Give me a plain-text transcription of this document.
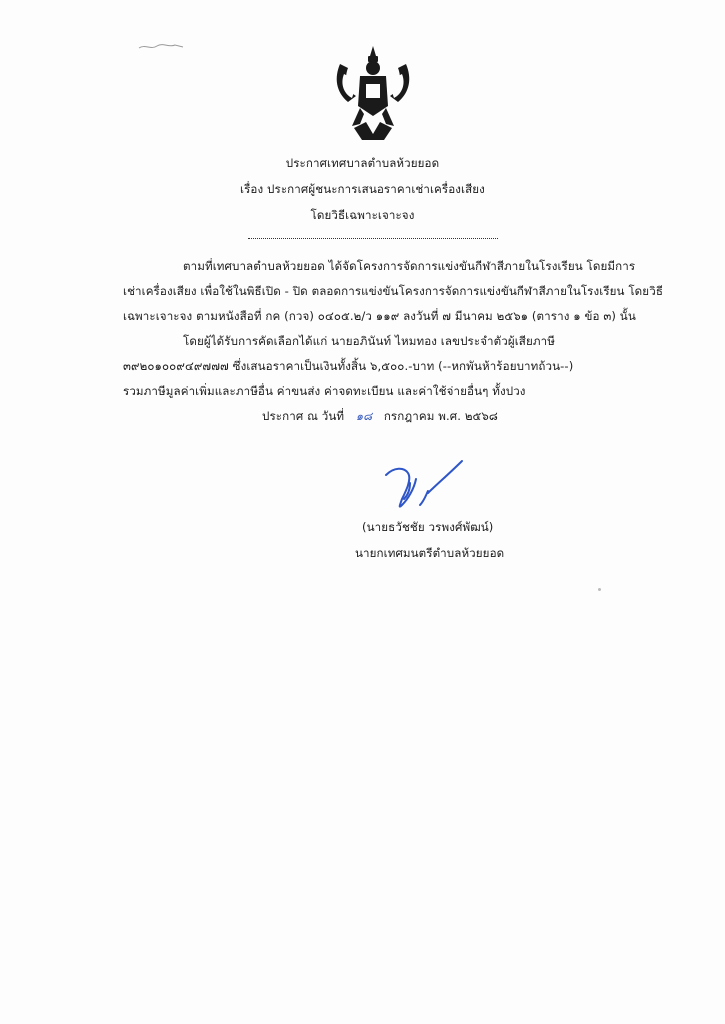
ประกาศเทศบาลตำบลห้วยยอด
เรื่อง ประกาศผู้ชนะการเสนอราคาเช่าเครื่องเสียง
โดยวิธีเฉพาะเจาะจง
ตามที่เทศบาลตำบลห้วยยอด ได้จัดโครงการจัดการแข่งขันกีฬาสีภายในโรงเรียน โดยมีการ
เช่าเครื่องเสียง เพื่อใช้ในพิธีเปิด - ปิด ตลอดการแข่งขันโครงการจัดการแข่งขันกีฬาสีภายในโรงเรียน โดยวิธี
เฉพาะเจาะจง ตามหนังสือที่ กค (กวจ) ๐๔๐๕.๒/ว ๑๑๙ ลงวันที่ ๗ มีนาคม ๒๕๖๑ (ตาราง ๑ ข้อ ๓) นั้น
โดยผู้ได้รับการคัดเลือกได้แก่ นายอภินันท์ ไหมทอง เลขประจำตัวผู้เสียภาษี
๓๙๒๐๑๐๐๙๔๙๗๗๗ ซึ่งเสนอราคาเป็นเงินทั้งสิ้น ๖,๕๐๐.-บาท (--หกพันห้าร้อยบาทถ้วน--)
รวมภาษีมูลค่าเพิ่มและภาษีอื่น ค่าขนส่ง ค่าจดทะเบียน และค่าใช้จ่ายอื่นๆ ทั้งปวง
ประกาศ ณ วันที่ ๑๘ กรกฎาคม พ.ศ. ๒๕๖๘
(นายธวัชชัย วรพงศ์พัฒน์)
นายกเทศมนตรีตำบลห้วยยอด
